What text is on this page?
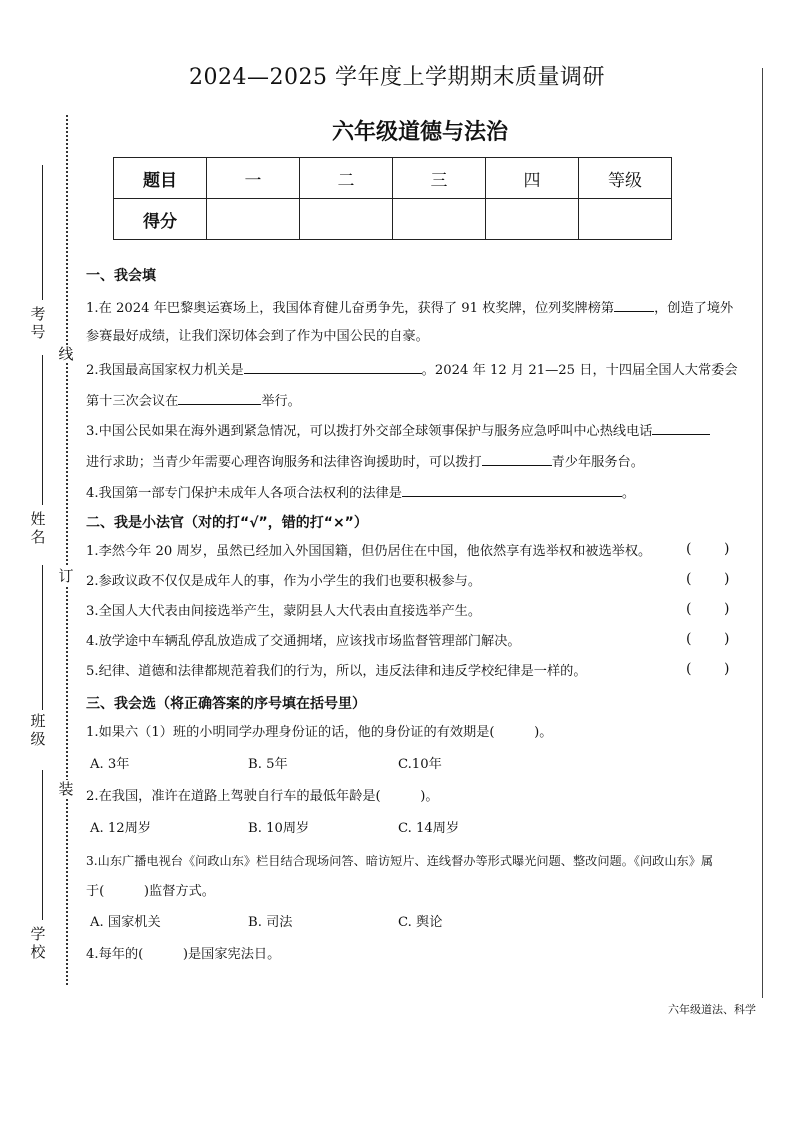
2024—2025 学年度上学期期末质量调研
六年级道德与法治
题目	一	二	三	四	等级
得分					
考号
姓名
班级
学校
线
订
装
一、我会填
1.在 2024 年巴黎奥运赛场上，我国体育健儿奋勇争先，获得了 91 枚奖牌，位列奖牌榜第	，创造了境外
参赛最好成绩，让我们深切体会到了作为中国公民的自豪。
2.我国最高国家权力机关是	。2024 年 12 月 21—25 日，十四届全国人大常委会
第十三次会议在	举行。
3.中国公民如果在海外遇到紧急情况，可以拨打外交部全球领事保护与服务应急呼叫中心热线电话
进行求助；当青少年需要心理咨询服务和法律咨询援助时，可以拨打	青少年服务台。
4.我国第一部专门保护未成年人各项合法权利的法律是	。
二、我是小法官（对的打“√”，错的打“×”）
1.李然今年 20 周岁，虽然已经加入外国国籍，但仍居住在中国，他依然享有选举权和被选举权。 ( )
2.参政议政不仅仅是成年人的事，作为小学生的我们也要积极参与。	( )
3.全国人大代表由间接选举产生，蒙阴县人大代表由直接选举产生。	( )
4.放学途中车辆乱停乱放造成了交通拥堵，应该找市场监督管理部门解决。	( )
5.纪律、道德和法律都规范着我们的行为，所以，违反法律和违反学校纪律是一样的。	( )
三、我会选（将正确答案的序号填在括号里）
1.如果六（1）班的小明同学办理身份证的话，他的身份证的有效期是(　　　)。
A. 3年	B. 5年	C.10年
2.在我国，准许在道路上驾驶自行车的最低年龄是(　　　)。
A. 12周岁	B. 10周岁	C. 14周岁
3.山东广播电视台《问政山东》栏目结合现场问答、暗访短片、连线督办等形式曝光问题、整改问题。《问政山东》属
于(　　　)监督方式。
A. 国家机关	B. 司法	C. 舆论
4.每年的(　　　)是国家宪法日。
六年级道法、科学
